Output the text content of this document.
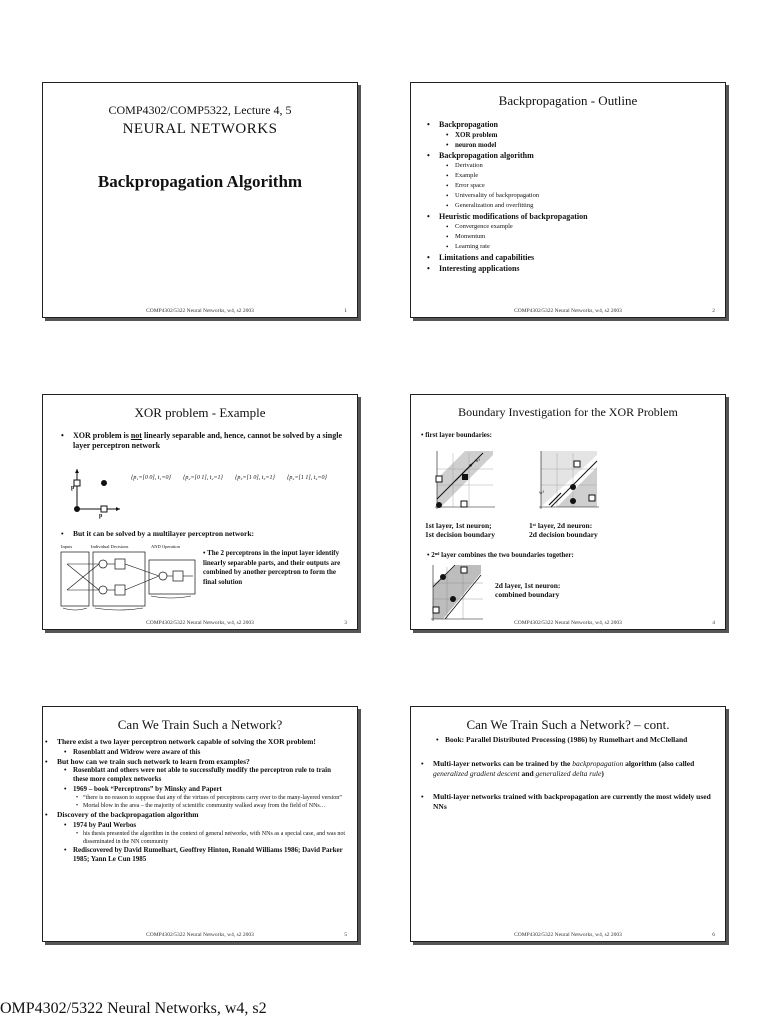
COMP4302/COMP5322, Lecture 4, 5
NEURAL NETWORKS
Backpropagation Algorithm
COMP4302/5322 Neural Networks, w4, s2 2003	1
Backpropagation - Outline
• Backpropagation
• XOR problem
• neuron model
• Backpropagation algorithm
• Derivation
• Example
• Error space
• Universality of backpropagation
• Generalization and overfitting
• Heuristic modifications of backpropagation
• Convergence example
• Momentum
• Learning rate
• Limitations and capabilities
• Interesting applications
COMP4302/5322 Neural Networks, w4, s2 2003	2
XOR problem - Example
• XOR problem is not linearly separable and, hence, cannot be solved by a single layer perceptron network
p
p
{p₁=[0 0], t₁=0} {p₂=[0 1], t₂=1} {p₃=[1 0], t₃=1} {p₄=[1 1], t₄=0}
• But it can be solved by a multilayer perceptron network:
Inputs	Individual Decisions	AND Operation
• The 2 perceptrons in the input layer identify linearly separable parts, and their outputs are combined by another perceptron to form the final solution
COMP4302/5322 Neural Networks, w4, s2 2003	3
Boundary Investigation for the XOR Problem
• first layer boundaries:
w¹
w²
1st layer, 1st neuron;
1st decision boundary
1ˢᵗ layer, 2d neuron:
2d decision boundary
• 2ⁿᵈ layer combines the two boundaries together:
2d layer, 1st neuron:
combined boundary
COMP4302/5322 Neural Networks, w4, s2 2003	4
Can We Train Such a Network?
• There exist a two layer perceptron network capable of solving the XOR problem!
• Rosenblatt and Widrow were aware of this
• But how can we train such network to learn from examples?
• Rosenblatt and others were not able to successfully modify the perceptron rule to train these more complex networks
• 1969 – book “Perceptrons” by Minsky and Papert
• “there is no reason to suppose that any of the virtues of perceptrons carry over to the many-layered version”
• Mortal blow in the area – the majority of scientific community walked away from the field of NNs…
• Discovery of the backpropagation algorithm
• 1974 by Paul Werbos
• his thesis presented the algorithm in the context of general networks, with NNs as a special case, and was not disseminated in the NN community
• Rediscovered by David Rumelhart, Geoffrey Hinton, Ronald Williams 1986; David Parker 1985; Yann Le Cun 1985
COMP4302/5322 Neural Networks, w4, s2 2003	5
Can We Train Such a Network? – cont.
• Book: Parallel Distributed Processing (1986) by Rumelhart and McClelland
• Multi-layer networks can be trained by the backpropagation algorithm (also called generalized gradient descent and generalized delta rule)
• Multi-layer networks trained with backpropagation are currently the most widely used NNs
COMP4302/5322 Neural Networks, w4, s2 2003	6
OMP4302/5322 Neural Networks, w4, s2
